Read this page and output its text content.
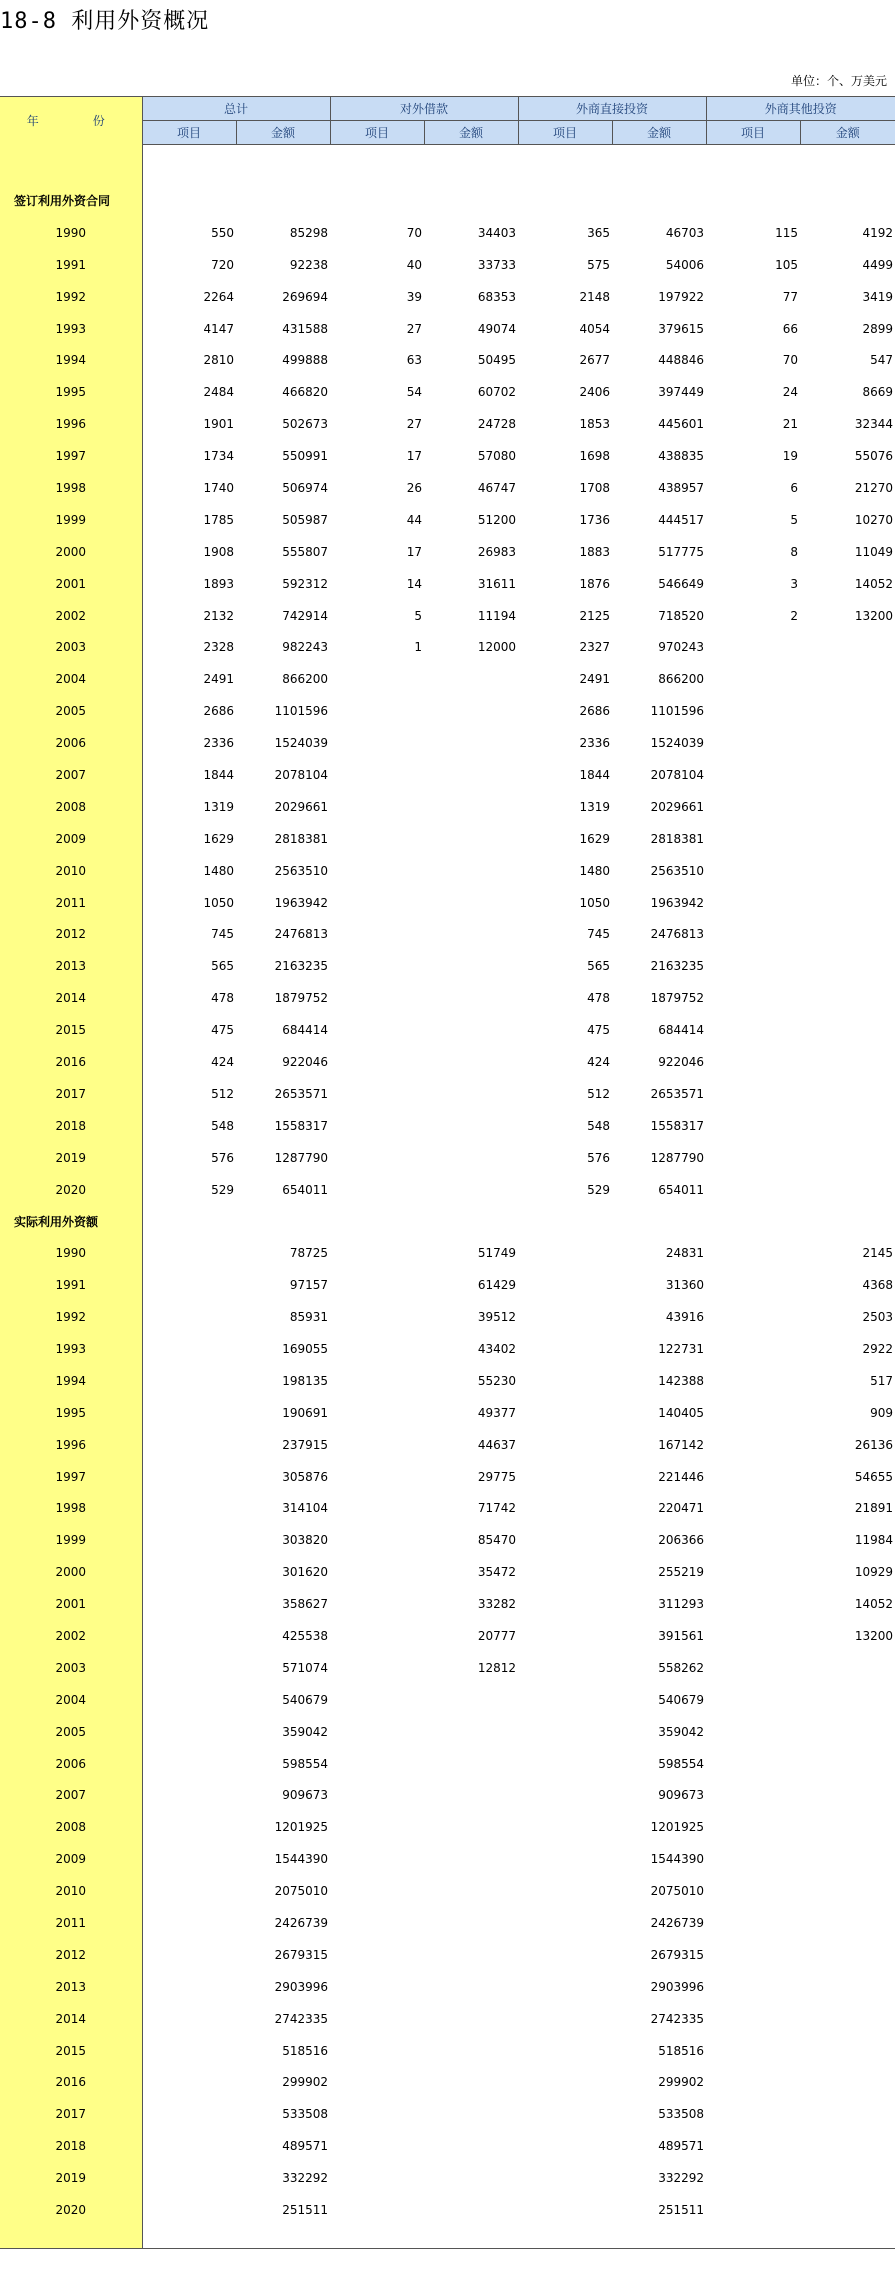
18-8 利用外资概况
单位：个、万美元
年　　份	总计		对外借款		外商直接投资		外商其他投资	
	项目	金额	项目	金额	项目	金额	项目	金额

签订利用外资合同								
1990	550	85298	70	34403	365	46703	115	4192
1991	720	92238	40	33733	575	54006	105	4499
1992	2264	269694	39	68353	2148	197922	77	3419
1993	4147	431588	27	49074	4054	379615	66	2899
1994	2810	499888	63	50495	2677	448846	70	547
1995	2484	466820	54	60702	2406	397449	24	8669
1996	1901	502673	27	24728	1853	445601	21	32344
1997	1734	550991	17	57080	1698	438835	19	55076
1998	1740	506974	26	46747	1708	438957	6	21270
1999	1785	505987	44	51200	1736	444517	5	10270
2000	1908	555807	17	26983	1883	517775	8	11049
2001	1893	592312	14	31611	1876	546649	3	14052
2002	2132	742914	5	11194	2125	718520	2	13200
2003	2328	982243	1	12000	2327	970243		
2004	2491	866200			2491	866200		
2005	2686	1101596			2686	1101596		
2006	2336	1524039			2336	1524039		
2007	1844	2078104			1844	2078104		
2008	1319	2029661			1319	2029661		
2009	1629	2818381			1629	2818381		
2010	1480	2563510			1480	2563510		
2011	1050	1963942			1050	1963942		
2012	745	2476813			745	2476813		
2013	565	2163235			565	2163235		
2014	478	1879752			478	1879752		
2015	475	684414			475	684414		
2016	424	922046			424	922046		
2017	512	2653571			512	2653571		
2018	548	1558317			548	1558317		
2019	576	1287790			576	1287790		
2020	529	654011			529	654011		
实际利用外资额								
1990		78725		51749		24831		2145
1991		97157		61429		31360		4368
1992		85931		39512		43916		2503
1993		169055		43402		122731		2922
1994		198135		55230		142388		517
1995		190691		49377		140405		909
1996		237915		44637		167142		26136
1997		305876		29775		221446		54655
1998		314104		71742		220471		21891
1999		303820		85470		206366		11984
2000		301620		35472		255219		10929
2001		358627		33282		311293		14052
2002		425538		20777		391561		13200
2003		571074		12812		558262		
2004		540679				540679		
2005		359042				359042		
2006		598554				598554		
2007		909673				909673		
2008		1201925				1201925		
2009		1544390				1544390		
2010		2075010				2075010		
2011		2426739				2426739		
2012		2679315				2679315		
2013		2903996				2903996		
2014		2742335				2742335		
2015		518516				518516		
2016		299902				299902		
2017		533508				533508		
2018		489571				489571		
2019		332292				332292		
2020		251511				251511		
